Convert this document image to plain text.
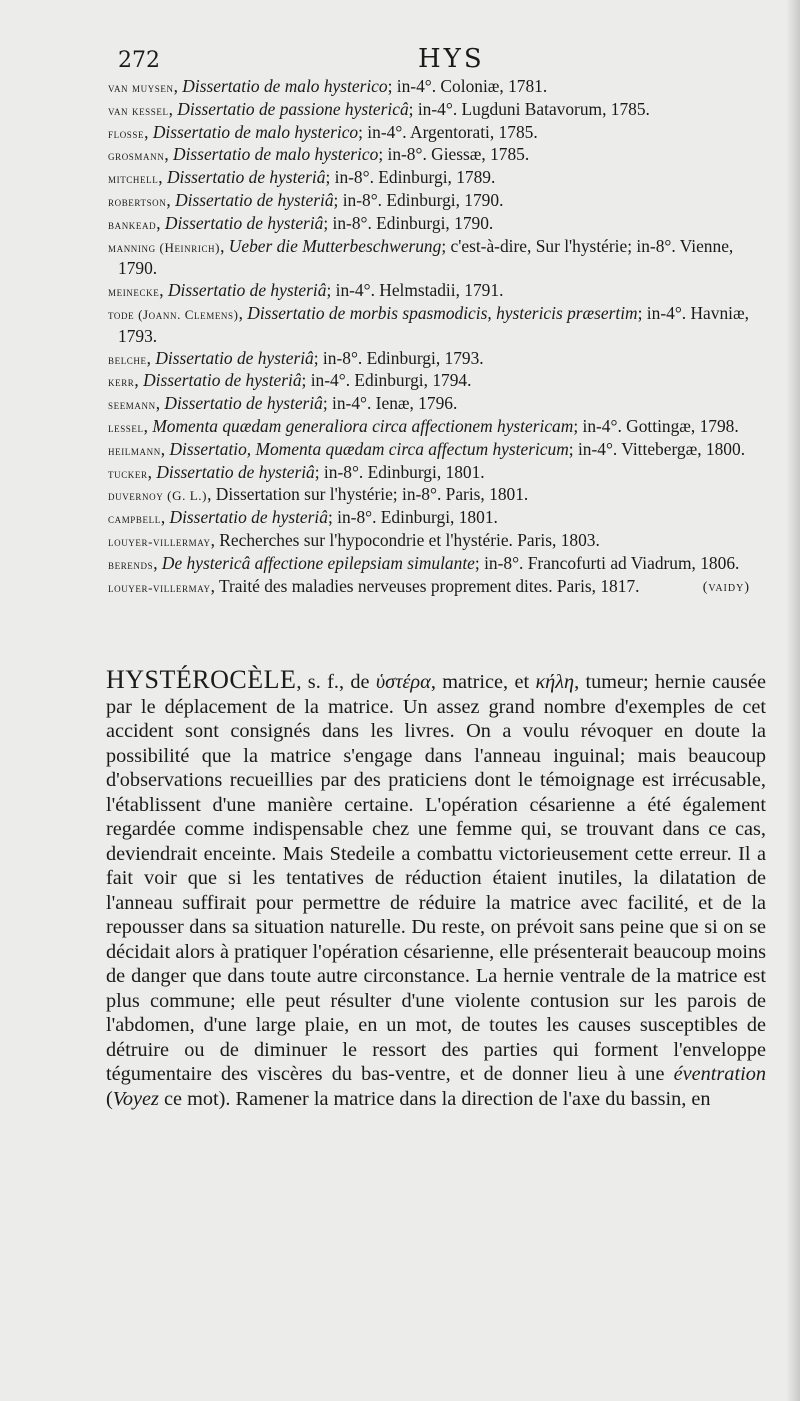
272	HYS
van muysen, Dissertatio de malo hysterico; in-4°. Coloniæ, 1781.
van kessel, Dissertatio de passione hystericâ; in-4°. Lugduni Batavorum, 1785.
flosse, Dissertatio de malo hysterico; in-4°. Argentorati, 1785.
grosmann, Dissertatio de malo hysterico; in-8°. Giessæ, 1785.
mitchell, Dissertatio de hysteriâ; in-8°. Edinburgi, 1789.
robertson, Dissertatio de hysteriâ; in-8°. Edinburgi, 1790.
bankead, Dissertatio de hysteriâ; in-8°. Edinburgi, 1790.
manning (Heinrich), Ueber die Mutterbeschwerung; c'est-à-dire, Sur l'hystérie; in-8°. Vienne, 1790.
meinecke, Dissertatio de hysteriâ; in-4°. Helmstadii, 1791.
tode (Joann. Clemens), Dissertatio de morbis spasmodicis, hystericis præsertim; in-4°. Havniæ, 1793.
belche, Dissertatio de hysteriâ; in-8°. Edinburgi, 1793.
kerr, Dissertatio de hysteriâ; in-4°. Edinburgi, 1794.
seemann, Dissertatio de hysteriâ; in-4°. Ienæ, 1796.
lessel, Momenta quædam generaliora circa affectionem hystericam; in-4°. Gottingæ, 1798.
heilmann, Dissertatio, Momenta quædam circa affectum hystericum; in-4°. Vittebergæ, 1800.
tucker, Dissertatio de hysteriâ; in-8°. Edinburgi, 1801.
duvernoy (G. L.), Dissertation sur l'hystérie; in-8°. Paris, 1801.
campbell, Dissertatio de hysteriâ; in-8°. Edinburgi, 1801.
louyer-villermay, Recherches sur l'hypocondrie et l'hystérie. Paris, 1803.
berends, De hystericâ affectione epilepsiam simulante; in-8°. Francofurti ad Viadrum, 1806.
louyer-villermay, Traité des maladies nerveuses proprement dites. Paris, 1817.	(vaidy)
HYSTÉROCÈLE, s. f., de ὑστέρα, matrice, et κήλη, tumeur; hernie causée par le déplacement de la matrice. Un assez grand nombre d'exemples de cet accident sont consignés dans les livres. On a voulu révoquer en doute la possibilité que la matrice s'engage dans l'anneau inguinal; mais beaucoup d'observations recueillies par des praticiens dont le témoignage est irrécusable, l'établissent d'une manière certaine. L'opération césarienne a été également regardée comme indispensable chez une femme qui, se trouvant dans ce cas, deviendrait enceinte. Mais Stedeile a combattu victorieusement cette erreur. Il a fait voir que si les tentatives de réduction étaient inutiles, la dilatation de l'anneau suffirait pour permettre de réduire la matrice avec facilité, et de la repousser dans sa situation naturelle. Du reste, on prévoit sans peine que si on se décidait alors à pratiquer l'opération césarienne, elle présenterait beaucoup moins de danger que dans toute autre circonstance. La hernie ventrale de la matrice est plus commune; elle peut résulter d'une violente contusion sur les parois de l'abdomen, d'une large plaie, en un mot, de toutes les causes susceptibles de détruire ou de diminuer le ressort des parties qui forment l'enveloppe tégumentaire des viscères du bas-ventre, et de donner lieu à une éventration (Voyez ce mot). Ramener la matrice dans la direction de l'axe du bassin, en
